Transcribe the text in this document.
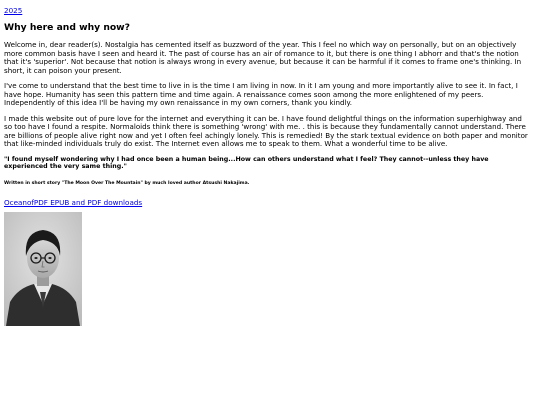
2025
Why here and why now?

Welcome in, dear reader(s). Nostalgia has cemented itself as buzzword of the year. This I feel no which way on personally, but on an objectively more common basis have I seen and heard it. The past of course has an air of romance to it, but there is one thing I abhorr and that's the notion that it's 'superior'. Not because that notion is always wrong in every avenue, but because it can be harmful if it comes to frame one's thinking. In short, it can poison your present.

I've come to understand that the best time to live in is the time I am living in now. In it I am young and more importantly alive to see it. In fact, I have hope. Humanity has seen this pattern time and time again. A renaissance comes soon among the more enlightened of my peers. Independently of this idea I'll be having my own renaissance in my own corners, thank you kindly.

I made this website out of pure love for the internet and everything it can be. I have found delightful things on the information superhighway and so too have I found a respite. Normaloids think there is something 'wrong' with me. . this is because they fundamentally cannot understand. There are billions of people alive right now and yet I often feel achingly lonely. This is remedied! By the stark textual evidence on both paper and monitor that like-minded individuals truly do exist. The Internet even allows me to speak to them. What a wonderful time to be alive.

"I found myself wondering why I had once been a human being...How can others understand what I feel? They cannot--unless they have experienced the very same thing."

Written in short story "The Moon Over The Mountain" by much loved author Atsushi Nakajima.

OceanofPDF EPUB and PDF downloads
